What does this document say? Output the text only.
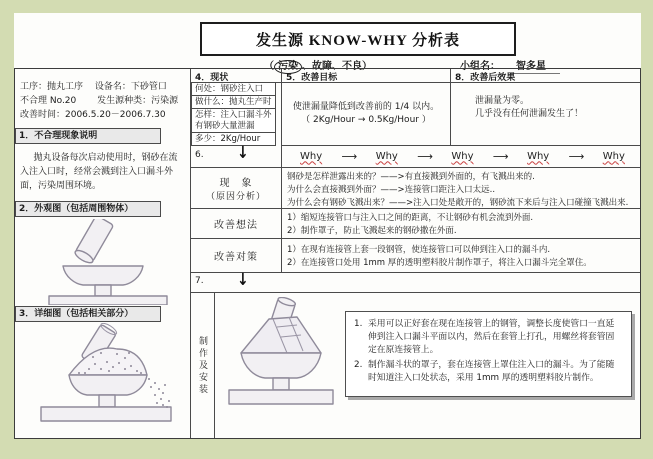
发生源 KNOW-WHY 分析表
（ 污染 、故障、不良）	小组名： 智多星
工序：抛丸工序　 设备名：下砂管口
不合理 No.20　　 发生源种类：污染源
改善时间：2006.5.20－2006.7.30
1．不合理现象说明
抛丸设备每次启动使用时，钢砂在流入注入口时，经常会溅到注入口漏斗外面，污染周围环境。
2．外观图（包括周围物体）
3．详细图（包括相关部分）
4．现状	5．改善目标	8．改善后效果
何处：钢砂注入口
做什么：抛丸生产时
怎样：注入口漏斗外有钢砂大量泄漏
多少：2Kg/Hour
使泄漏量降低到改善前的 1/4 以内。
（ 2Kg/Hour → 0.5Kg/Hour ）
泄漏量为零。
几乎没有任何泄漏发生了！
6. ↓	Why ⟶ Why ⟶ Why ⟶ Why ⟶ Why
现　象
（原因分析）
钢砂是怎样泄露出来的？——>有直接溅到外面的，有飞溅出来的.
为什么会直接溅到外面？——>连接管口距注入口太远..
为什么会有钢砂飞溅出来？——>注入口处是敞开的，钢砂流下来后与注入口碰撞飞溅出来.
改善想法
1）缩短连接管口与注入口之间的距离，不让钢砂有机会流到外面.
2）制作罩子，防止飞溅起来的钢砂撒在外面.
改善对策
1）在现有连接管上套一段钢管，使连接管口可以伸到注入口的漏斗内.
2）在连接管口处用 1mm 厚的透明塑料胶片制作罩子，将注入口漏斗完全罩住。
7. ↓
制作及安装
1. 采用可以正好套在现在连接管上的钢管，调整长度使管口一直延伸到注入口漏斗平面以内，然后在套管上打孔，用螺丝将套管固定在原连接管上。
2. 制作漏斗状的罩子，套在连接管上罩住注入口的漏斗。为了能随时知道注入口处状态，采用 1mm 厚的透明塑料胶片制作。
